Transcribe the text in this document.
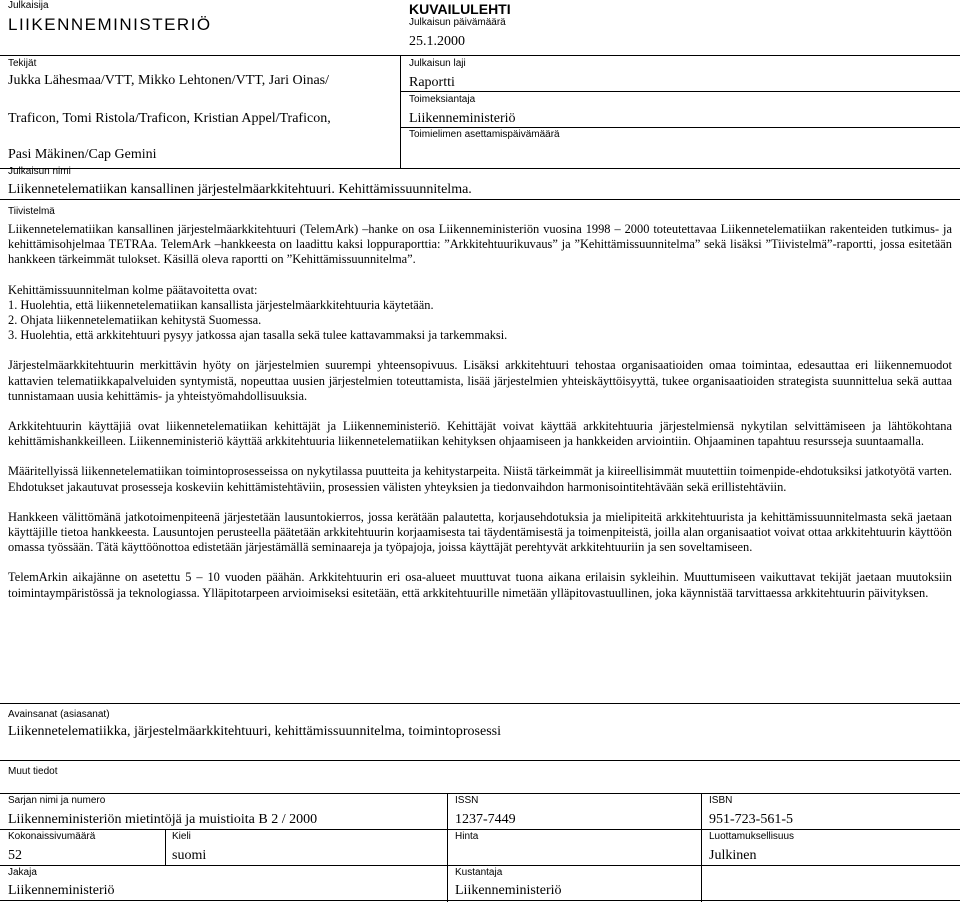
Julkaisija
LIIKENNEMINISTERIÖ
KUVAILULEHTI
Julkaisun päivämäärä
25.1.2000
Tekijät
Jukka Lähesmaa/VTT, Mikko Lehtonen/VTT, Jari Oinas/
Traficon, Tomi Ristola/Traficon, Kristian Appel/Traficon,
Pasi Mäkinen/Cap Gemini
Julkaisun laji
Raportti
Toimeksiantaja
Liikenneministeriö
Toimielimen asettamispäivämäärä
Julkaisun nimi
Liikennetelematiikan kansallinen järjestelmäarkkitehtuuri. Kehittämissuunnitelma.
Tiivistelmä

Liikennetelematiikan kansallinen järjestelmäarkkitehtuuri (TelemArk) –hanke on osa Liikenneministeriön vuosina 1998 – 2000 toteutettavaa Liikennetelematiikan rakenteiden tutkimus- ja kehittämisohjelmaa TETRAa. TelemArk –hankkeesta on laadittu kaksi loppuraporttia: ”Arkkitehtuurikuvaus” ja ”Kehittämissuunnitelma” sekä lisäksi ”Tiivistelmä”-raportti, jossa esitetään hankkeen tärkeimmät tulokset. Käsillä oleva raportti on ”Kehittämissuunnitelma”.

Kehittämissuunnitelman kolme päätavoitetta ovat:

1. Huolehtia, että liikennetelematiikan kansallista järjestelmäarkkitehtuuria käytetään.
2. Ohjata liikennetelematiikan kehitystä Suomessa.
3. Huolehtia, että arkkitehtuuri pysyy jatkossa ajan tasalla sekä tulee kattavammaksi ja tarkemmaksi.

Järjestelmäarkkitehtuurin merkittävin hyöty on järjestelmien suurempi yhteensopivuus. Lisäksi arkkitehtuuri tehostaa organisaatioiden omaa toimintaa, edesauttaa eri liikennemuodot kattavien telematiikkapalveluiden syntymistä, nopeuttaa uusien järjestelmien toteuttamista, lisää järjestelmien yhteiskäyttöisyyttä, tukee organisaatioiden strategista suunnittelua sekä auttaa tunnistamaan uusia kehittämis- ja yhteistyömahdollisuuksia.

Arkkitehtuurin käyttäjiä ovat liikennetelematiikan kehittäjät ja Liikenneministeriö. Kehittäjät voivat käyttää arkkitehtuuria järjestelmiensä nykytilan selvittämiseen ja lähtökohtana kehittämishankkeilleen. Liikenneministeriö käyttää arkkitehtuuria liikennetelematiikan kehityksen ohjaamiseen ja hankkeiden arviointiin. Ohjaaminen tapahtuu resursseja suuntaamalla.

Määritellyissä liikennetelematiikan toimintoprosesseissa on nykytilassa puutteita ja kehitystarpeita. Niistä tärkeimmät ja kiireellisimmät muutettiin toimenpide-ehdotuksiksi jatkotyötä varten. Ehdotukset jakautuvat prosesseja koskeviin kehittämistehtäviin, prosessien välisten yhteyksien ja tiedonvaihdon harmonisointitehtävään sekä erillistehtäviin.

Hankkeen välittömänä jatkotoimenpiteenä järjestetään lausuntokierros, jossa kerätään palautetta, korjausehdotuksia ja mielipiteitä arkkitehtuurista ja kehittämissuunnitelmasta sekä jaetaan käyttäjille tietoa hankkeesta. Lausuntojen perusteella päätetään arkkitehtuurin korjaamisesta tai täydentämisestä ja toimenpiteistä, joilla alan organisaatiot voivat ottaa arkkitehtuurin käyttöön omassa työssään. Tätä käyttöönottoa edistetään järjestämällä seminaareja ja työpajoja, joissa käyttäjät perehtyvät arkkitehtuuriin ja sen soveltamiseen.

TelemArkin aikajänne on asetettu 5 – 10 vuoden päähän. Arkkitehtuurin eri osa-alueet muuttuvat tuona aikana erilaisin sykleihin. Muuttumiseen vaikuttavat tekijät jaetaan muutoksiin toimintaympäristössä ja teknologiassa. Ylläpitotarpeen arvioimiseksi esitetään, että arkkitehtuurille nimetään ylläpitovastuullinen, joka käynnistää tarvittaessa arkkitehtuurin päivityksen.

Avainsanat (asiasanat)
Liikennetelematiikka, järjestelmäarkkitehtuuri, kehittämissuunnitelma, toimintoprosessi
Muut tiedot
Sarjan nimi ja numero
Liikenneministeriön mietintöjä ja muistioita B 2 / 2000
ISSN
1237-7449
ISBN
951-723-561-5
Kokonaissivumäärä
52
Kieli
suomi
Hinta	Luottamuksellisuus
Julkinen
Jakaja
Liikenneministeriö
Kustantaja
Liikenneministeriö
